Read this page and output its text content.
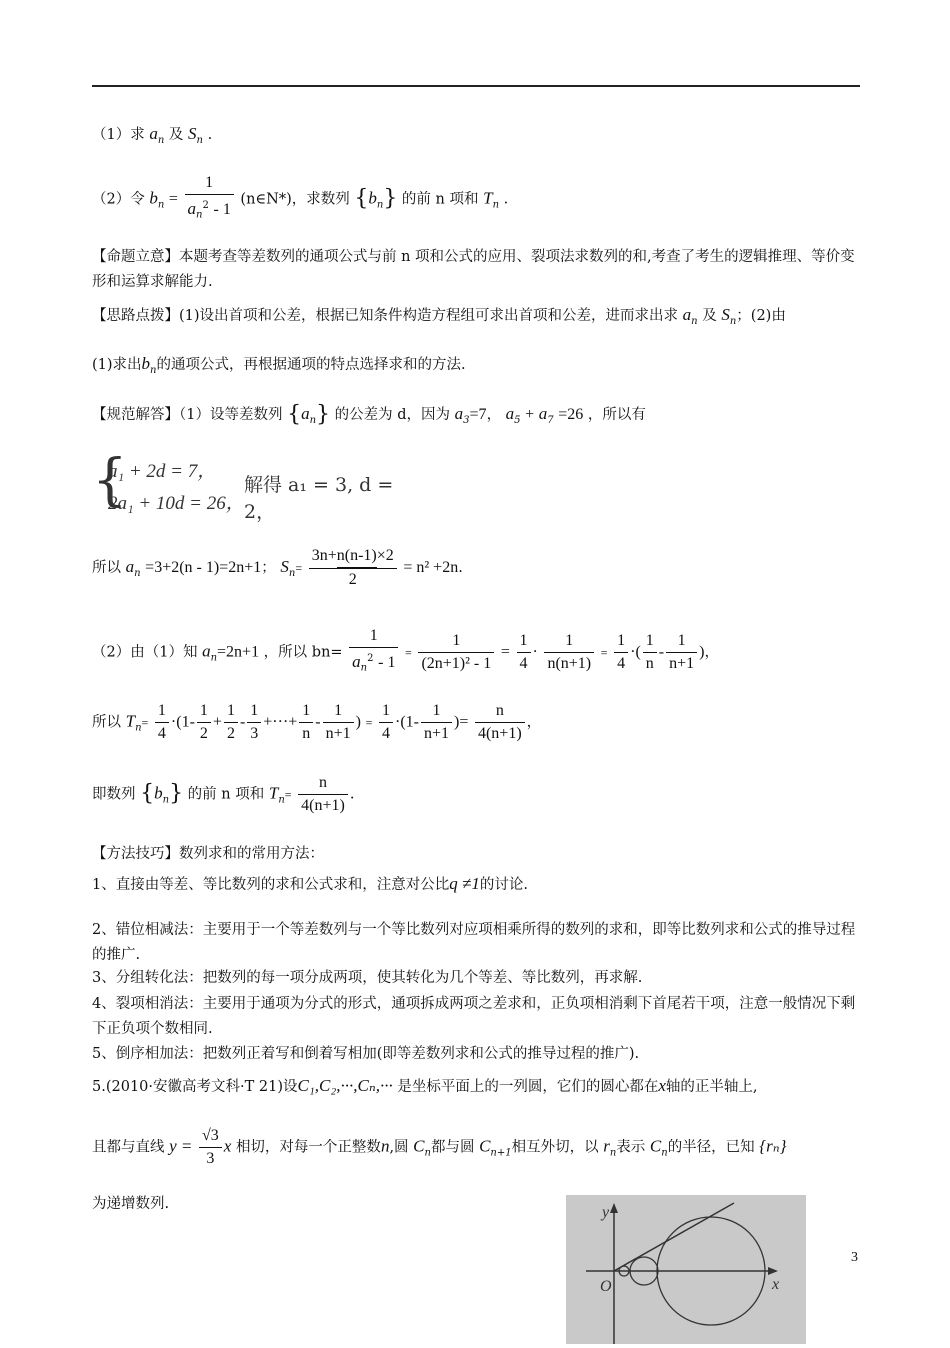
（1）求 $a_n$ 及 $S_n$ .
（2）令 $b_n = \frac{1}{a_n^2 - 1}$ (n∈N*)，求数列 $\{b_n\}$ 的前 n 项和 $T_n$ .
【命题立意】本题考查等差数列的通项公式与前 n 项和公式的应用、裂项法求数列的和,考查了考生的逻辑推理、等价变形和运算求解能力.
【思路点拨】(1)设出首项和公差，根据已知条件构造方程组可求出首项和公差，进而求出求 $a_n$ 及 $S_n$；(2)由
(1)求出$b_n$的通项公式，再根据通项的特点选择求和的方法.
【规范解答】（1）设等差数列 $\{a_n\}$ 的公差为 d，因为 $a_3=7$， $a_5 + a_7 =26$ ，所以有
{
a₁ + 2d = 7，
2a₁ + 10d = 26，
解得 a₁ = 3, d = 2，
所以 $a_n =3+2(n - 1)=2n+1$； $S_n= \frac{3n+n(n-1)\times 2}{2} = n^2 +2n$.
（2）由（1）知 $a_n=2n+1$ ，所以 $bn= \frac{1}{a_n^2 - 1} = \frac{1}{\text{(2n+1)² - 1}} = \frac{1}{4} \cdot \frac{1}{n(n+1)} = \frac{1}{4}$ ·( $\frac{1}{n} - \frac{1}{n+1}$ )，
所以 $T_n= \frac{1}{4} \cdot(1- \frac{1}{2} + \frac{1}{2} - \frac{1}{3}$ +···+ $\frac{1}{n} - \frac{1}{n+1}$ ) = $\frac{1}{4} \cdot(1- \frac{1}{n+1}$ )= $\frac{n}{4(n+1)}$ ，
即数列 $\{b_n\}$ 的前 n 项和 $T_n= \frac{n}{4(n+1)}$ .
【方法技巧】数列求和的常用方法：
1、直接由等差、等比数列的求和公式求和，注意对公比q ≠1的讨论.
2、错位相减法：主要用于一个等差数列与一个等比数列对应项相乘所得的数列的求和，即等比数列求和公式的推导过程的推广.
3、分组转化法：把数列的每一项分成两项，使其转化为几个等差、等比数列，再求解.
4、裂项相消法：主要用于通项为分式的形式，通项拆成两项之差求和，正负项相消剩下首尾若干项，注意一般情况下剩下正负项个数相同.
5、倒序相加法：把数列正着写和倒着写相加(即等差数列求和公式的推导过程的推广).
5.(2010·安徽高考文科·T 21)设C₁,C₂,···,Cₙ,··· 是坐标平面上的一列圆，它们的圆心都在x轴的正半轴上,
且都与直线 $y = \frac{√3}{3}$ x 相切，对每一个正整数n,圆 $C_n$都与圆 $C_{n+1}$相互外切，以 $r_n$表示 $C_n$的半径，已知 {rₙ}
为递增数列.	y
x
O
3
